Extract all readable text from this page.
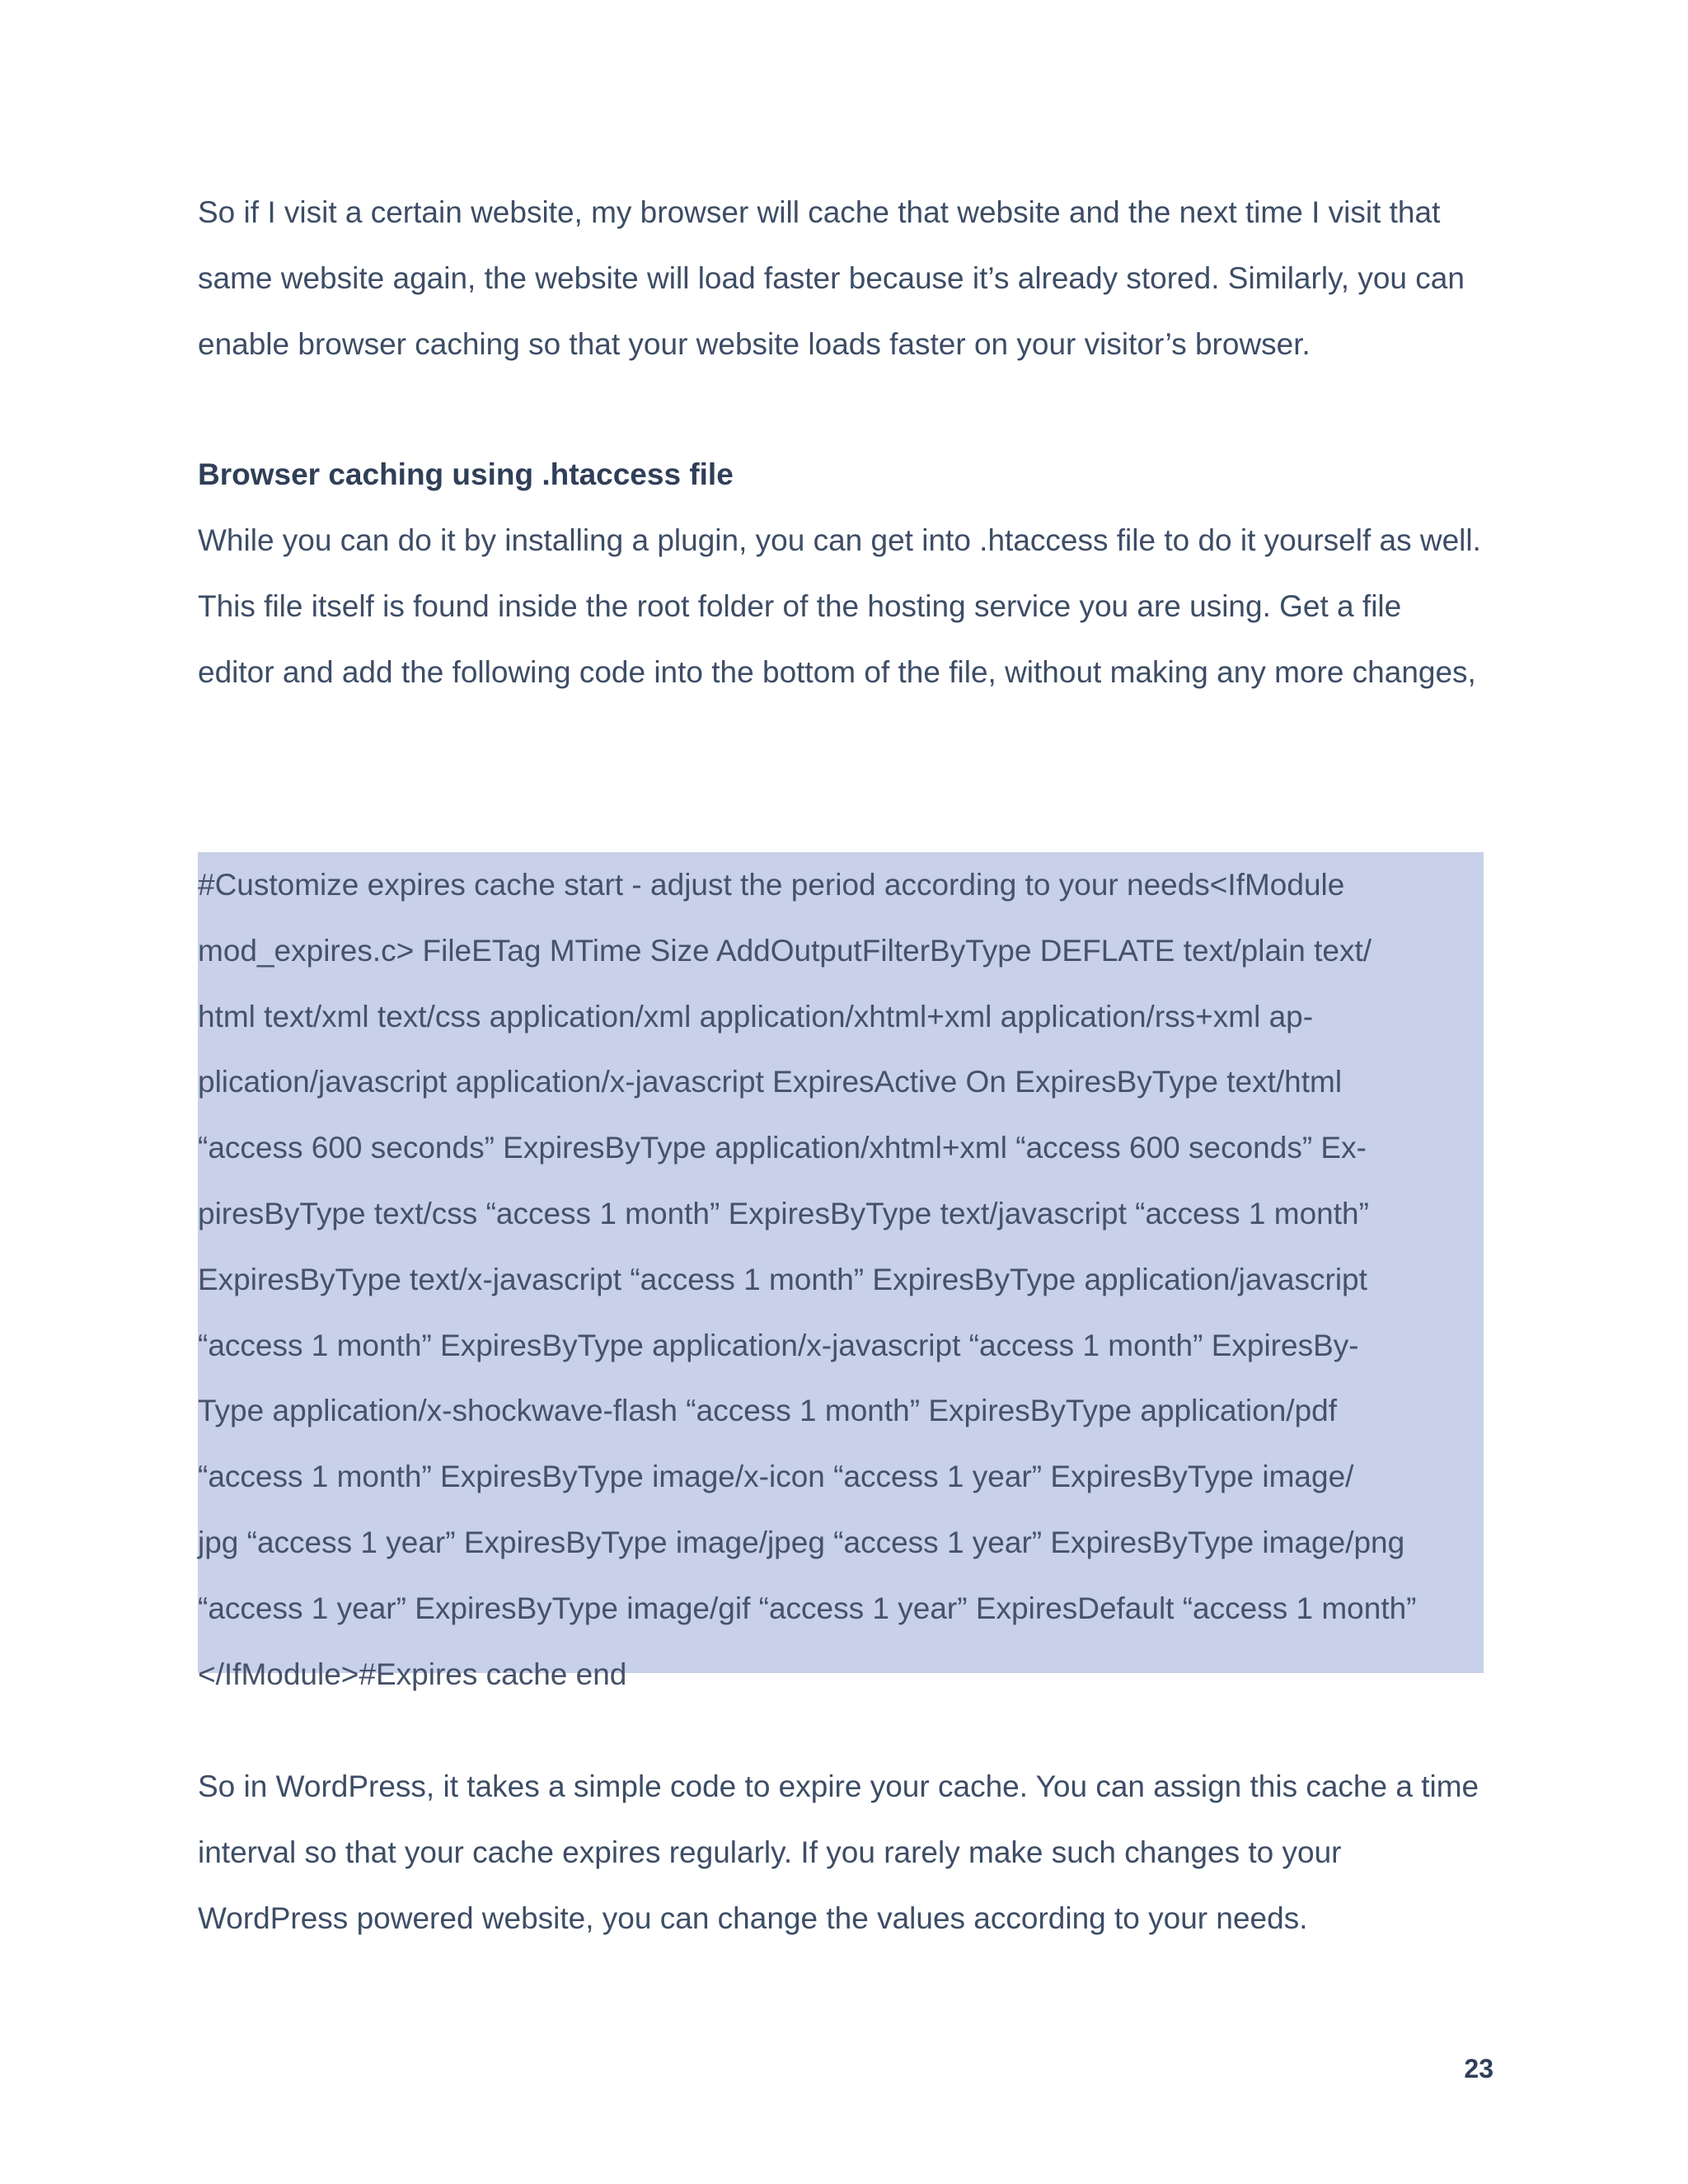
So if I visit a certain website, my browser will cache that website and the next time I visit that same website again, the website will load faster because it’s already stored. Similarly, you can enable browser caching so that your website loads faster on your visitor’s browser.

Browser caching using .htaccess file

While you can do it by installing a plugin, you can get into .htaccess file to do it yourself as well. This file itself is found inside the root folder of the hosting service you are using. Get a file editor and add the following code into the bottom of the file, without making any more changes,

#Customize expires cache start - adjust the period according to your needs<IfModule
mod_expires.c> FileETag MTime Size AddOutputFilterByType DEFLATE text/plain text/
html text/xml text/css application/xml application/xhtml+xml application/rss+xml ap-
plication/javascript application/x-javascript ExpiresActive On ExpiresByType text/html
“access 600 seconds” ExpiresByType application/xhtml+xml “access 600 seconds” Ex-
piresByType text/css “access 1 month” ExpiresByType text/javascript “access 1 month”
ExpiresByType text/x-javascript “access 1 month” ExpiresByType application/javascript
“access 1 month” ExpiresByType application/x-javascript “access 1 month” ExpiresBy-
Type application/x-shockwave-flash “access 1 month” ExpiresByType application/pdf
“access 1 month” ExpiresByType image/x-icon “access 1 year” ExpiresByType image/
jpg “access 1 year” ExpiresByType image/jpeg “access 1 year” ExpiresByType image/png
“access 1 year” ExpiresByType image/gif “access 1 year” ExpiresDefault “access 1 month”
</IfModule>#Expires cache end

So in WordPress, it takes a simple code to expire your cache. You can assign this cache a time interval so that your cache expires regularly. If you rarely make such changes to your WordPress powered website, you can change the values according to your needs.

23
